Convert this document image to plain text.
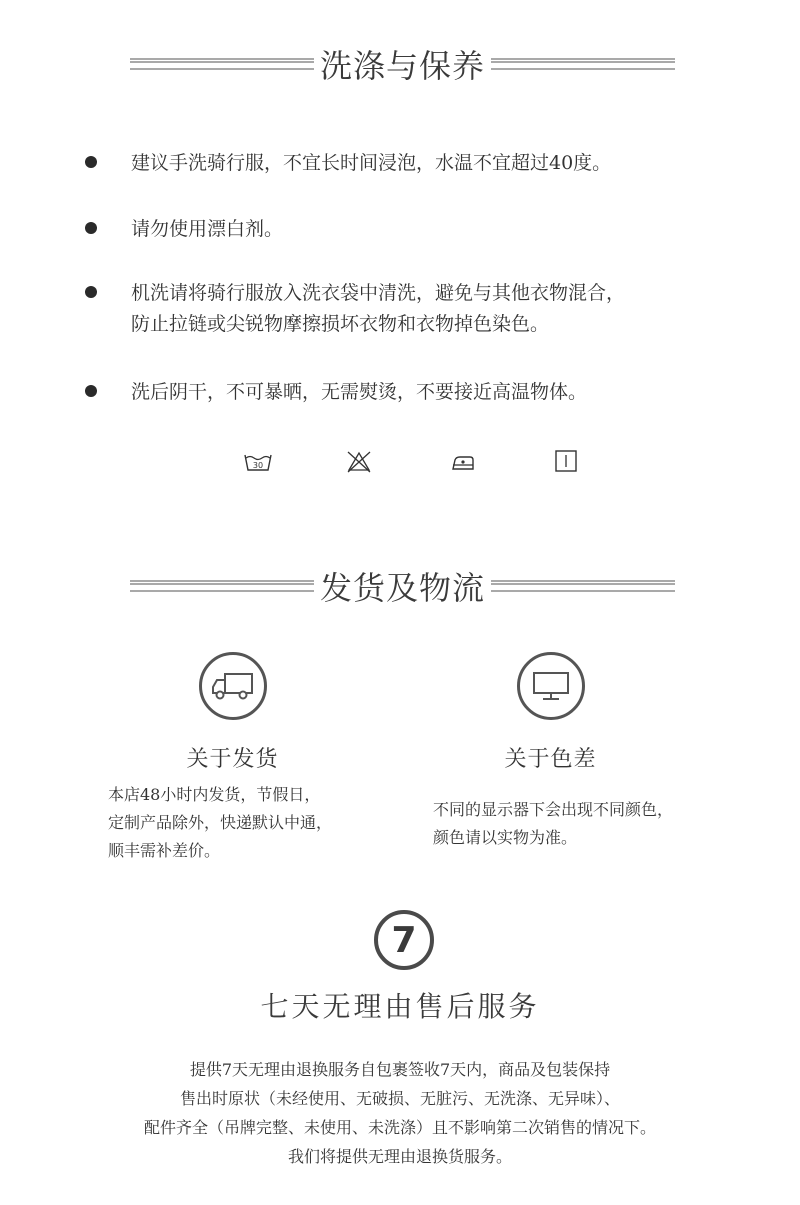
洗涤与保养
建议手洗骑行服，不宜长时间浸泡，水温不宜超过40度。
请勿使用漂白剂。
机洗请将骑行服放入洗衣袋中清洗，避免与其他衣物混合，
防止拉链或尖锐物摩擦损坏衣物和衣物掉色染色。
洗后阴干，不可暴晒，无需熨烫，不要接近高温物体。
30
发货及物流
关于发货
本店48小时内发货，节假日，
定制产品除外，快递默认中通，
顺丰需补差价。
关于色差
不同的显示器下会出现不同颜色，
颜色请以实物为准。
7
七天无理由售后服务
提供7天无理由退换服务自包裹签收7天内，商品及包装保持
售出时原状（未经使用、无破损、无脏污、无洗涤、无异味）、
配件齐全（吊牌完整、未使用、未洗涤）且不影响第二次销售的情况下。
我们将提供无理由退换货服务。
